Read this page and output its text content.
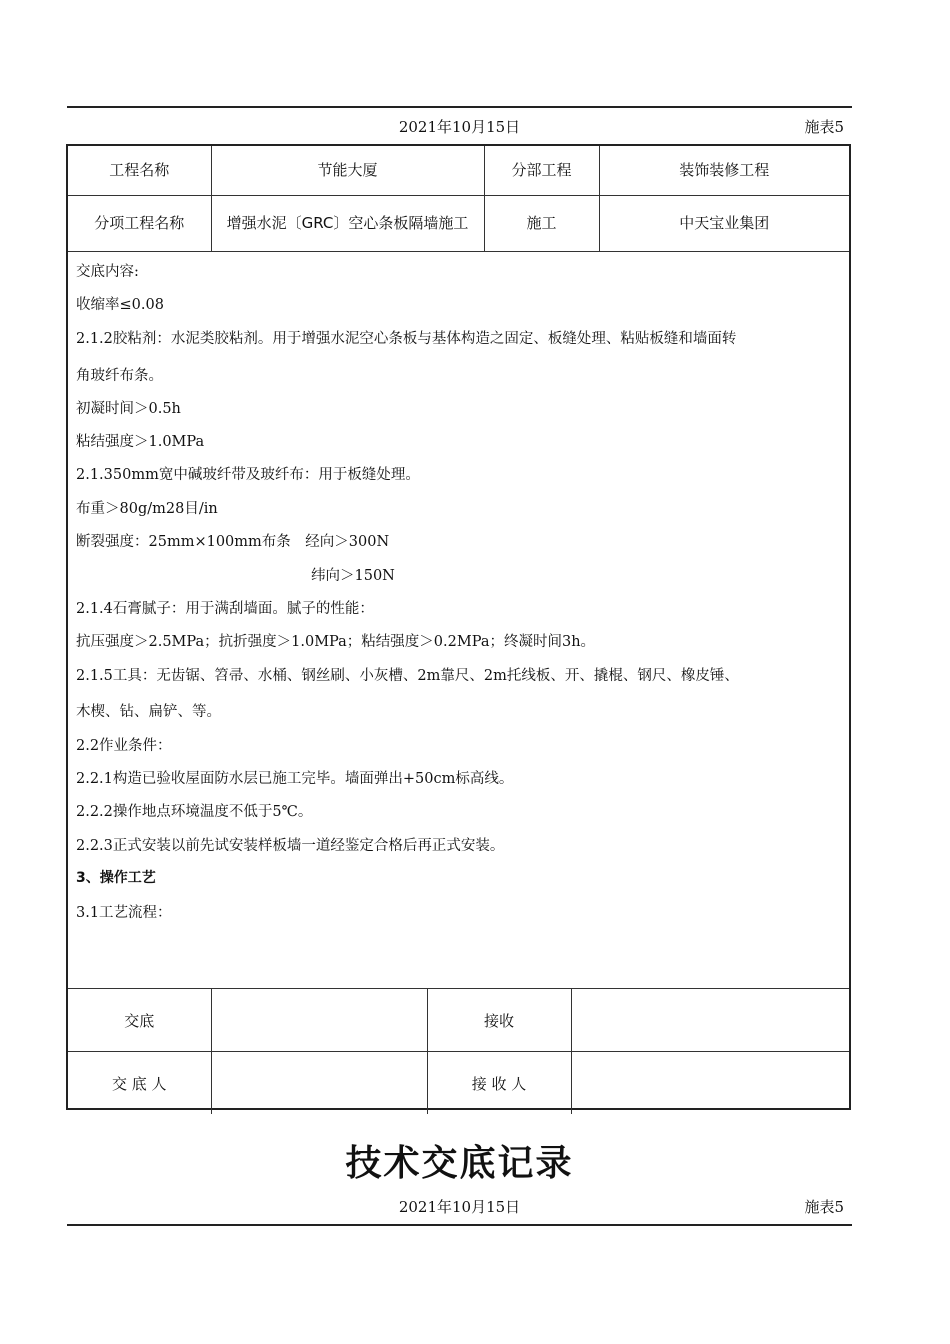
2021年10月15日	施表5
工程名称	节能大厦	分部工程	装饰装修工程
分项工程名称	增强水泥〔GRC〕空心条板隔墙施工	施工	中天宝业集团
交底内容:
收缩率≤0.08
2.1.2胶粘剂：水泥类胶粘剂。用于增强水泥空心条板与基体构造之固定、板缝处理、粘贴板缝和墙面转
角玻纤布条。
初凝时间＞0.5h
粘结强度＞1.0MPa
2.1.350mm宽中碱玻纤带及玻纤布：用于板缝处理。
布重＞80g/m28目/in
断裂强度：25mm×100mm布条　经向＞300N
纬向＞150N
2.1.4石膏腻子：用于满刮墙面。腻子的性能：
抗压强度＞2.5MPa；抗折强度＞1.0MPa；粘结强度＞0.2MPa；终凝时间3h。
2.1.5工具：无齿锯、笤帚、水桶、钢丝刷、小灰槽、2m靠尺、2m托线板、开、撬棍、钢尺、橡皮锤、
木楔、钻、扁铲、等。
2.2作业条件：
2.2.1构造已验收屋面防水层已施工完毕。墙面弹出+50cm标高线。
2.2.2操作地点环境温度不低于5℃。
2.2.3正式安装以前先试安装样板墙一道经鉴定合格后再正式安装。
3、操作工艺
3.1工艺流程：
交底		接收	
交 底 人		接 收 人	
技术交底记录
2021年10月15日	施表5
